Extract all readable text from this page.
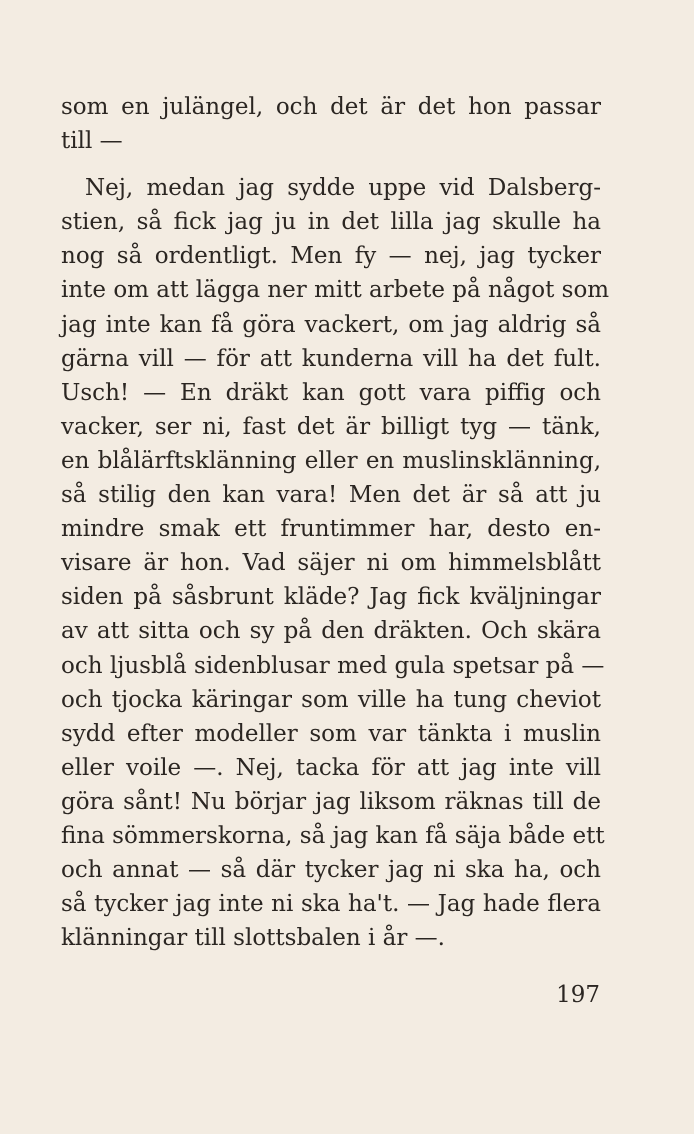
som en julängel, och det är det hon passar
till —
Nej, medan jag sydde uppe vid Dalsberg-
stien, så fick jag ju in det lilla jag skulle ha
nog så ordentligt. Men fy — nej, jag tycker
inte om att lägga ner mitt arbete på något som
jag inte kan få göra vackert, om jag aldrig så
gärna vill — för att kunderna vill ha det fult.
Usch! — En dräkt kan gott vara piffig och
vacker, ser ni, fast det är billigt tyg — tänk,
en blålärftsklänning eller en muslinsklänning,
så stilig den kan vara! Men det är så att ju
mindre smak ett fruntimmer har, desto en-
visare är hon. Vad säjer ni om himmelsblått
siden på såsbrunt kläde? Jag fick kväljningar
av att sitta och sy på den dräkten. Och skära
och ljusblå sidenblusar med gula spetsar på —
och tjocka käringar som ville ha tung cheviot
sydd efter modeller som var tänkta i muslin
eller voile —. Nej, tacka för att jag inte vill
göra sånt! Nu börjar jag liksom räknas till de
fina sömmerskorna, så jag kan få säja både ett
och annat — så där tycker jag ni ska ha, och
så tycker jag inte ni ska ha't. — Jag hade flera
klänningar till slottsbalen i år —.
197
